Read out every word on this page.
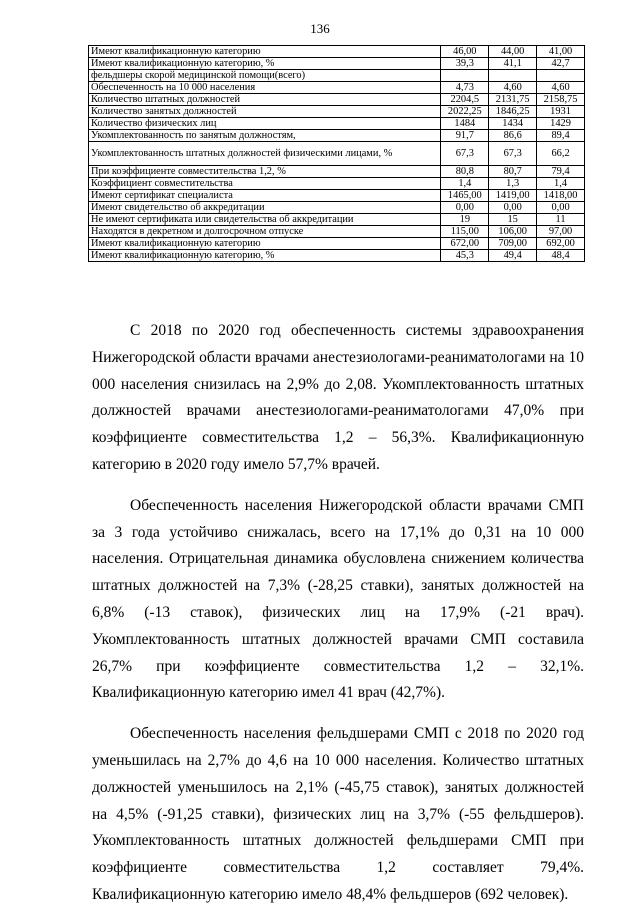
136
Имеют квалификационную категорию	46,00	44,00	41,00
Имеют квалификационную категорию, %	39,3	41,1	42,7
фельдшеры скорой медицинской помощи(всего)			
Обеспеченность на 10 000 населения	4,73	4,60	4,60
Количество штатных должностей	2204,5	2131,75	2158,75
Количество занятых должностей	2022,25	1846,25	1931
Количество физических лиц	1484	1434	1429
Укомплектованность по занятым должностям,	91,7	86,6	89,4
Укомплектованность штатных должностей физическими лицами, %	67,3	67,3	66,2
При коэффициенте совместительства 1,2, %	80,8	80,7	79,4
Коэффициент совместительства	1,4	1,3	1,4
Имеют сертификат специалиста	1465,00	1419,00	1418,00
Имеют свидетельство об аккредитации	0,00	0,00	0,00
Не имеют сертификата или свидетельства об аккредитации	19	15	11
Находятся в декретном и долгосрочном отпуске	115,00	106,00	97,00
Имеют квалификационную категорию	672,00	709,00	692,00
Имеют квалификационную категорию, %	45,3	49,4	48,4

С 2018 по 2020 год обеспеченность системы здравоохранения Нижегородской области врачами анестезиологами-реаниматологами на 10 000 населения снизилась на 2,9% до 2,08. Укомплектованность штатных должностей врачами анестезиологами-реаниматологами 47,0% при коэффициенте совместительства 1,2 – 56,3%. Квалификационную категорию в 2020 году имело 57,7% врачей.

Обеспеченность населения Нижегородской области врачами СМП за 3 года устойчиво снижалась, всего на 17,1% до 0,31 на 10 000 населения. Отрицательная динамика обусловлена снижением количества штатных должностей на 7,3% (-28,25 ставки), занятых должностей на 6,8% (-13 ставок), физических лиц на 17,9% (-21 врач). Укомплектованность штатных должностей врачами СМП составила 26,7% при коэффициенте совместительства 1,2 – 32,1%. Квалификационную категорию имел 41 врач (42,7%).

Обеспеченность населения фельдшерами СМП с 2018 по 2020 год уменьшилась на 2,7% до 4,6 на 10 000 населения. Количество штатных должностей уменьшилось на 2,1% (-45,75 ставок), занятых должностей на 4,5% (-91,25 ставки), физических лиц на 3,7% (-55 фельдшеров). Укомплектованность штатных должностей фельдшерами СМП при коэффициенте совместительства 1,2 составляет 79,4%. Квалификационную категорию имело 48,4% фельдшеров (692 человек).
